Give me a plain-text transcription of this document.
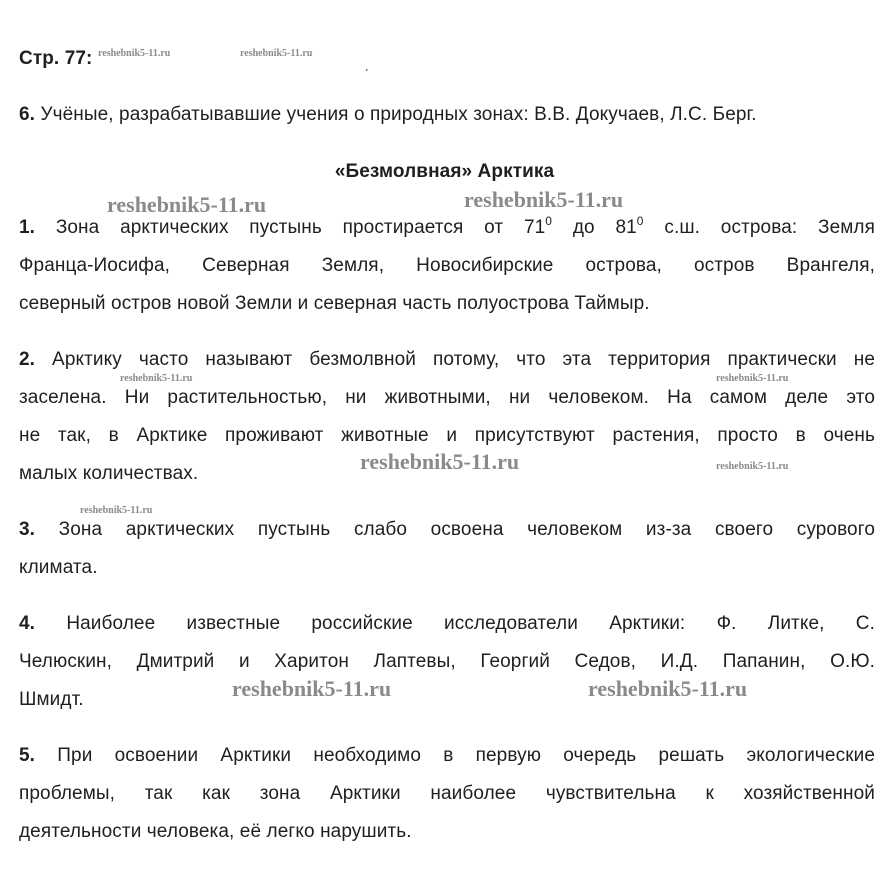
Стр. 77:	ˏ
6. Учёные, разрабатывавшие учения о природных зонах: В.В. Докучаев, Л.С. Берг.
«Безмолвная» Арктика
1. Зона арктических пустынь простирается от $71^0$ до $81^0$ с.ш. острова: Земля
Франца-Иосифа, Северная Земля, Новосибирские острова, остров Врангеля,
северный остров новой Земли и северная часть полуострова Таймыр.
2. Арктику часто называют безмолвной потому, что эта территория практически не
заселена. Ни растительностью, ни животными, ни человеком. На самом деле это
не так, в Арктике проживают животные и присутствуют растения, просто в очень
малых количествах.
3. Зона арктических пустынь слабо освоена человеком из-за своего сурового
климата.
4. Наиболее известные российские исследователи Арктики: Ф. Литке, С.
Челюскин, Дмитрий и Харитон Лаптевы, Георгий Седов, И.Д. Папанин, О.Ю.
Шмидт.
5. При освоении Арктики необходимо в первую очередь решать экологические
проблемы, так как зона Арктики наиболее чувствительна к хозяйственной
деятельности человека, её легко нарушить.
reshebnik5-11.ru	reshebnik5-11.ru
reshebnik5-11.ru	reshebnik5-11.ru
reshebnik5-11.ru	reshebnik5-11.ru
reshebnik5-11.ru	reshebnik5-11.ru
reshebnik5-11.ru
reshebnik5-11.ru	reshebnik5-11.ru
